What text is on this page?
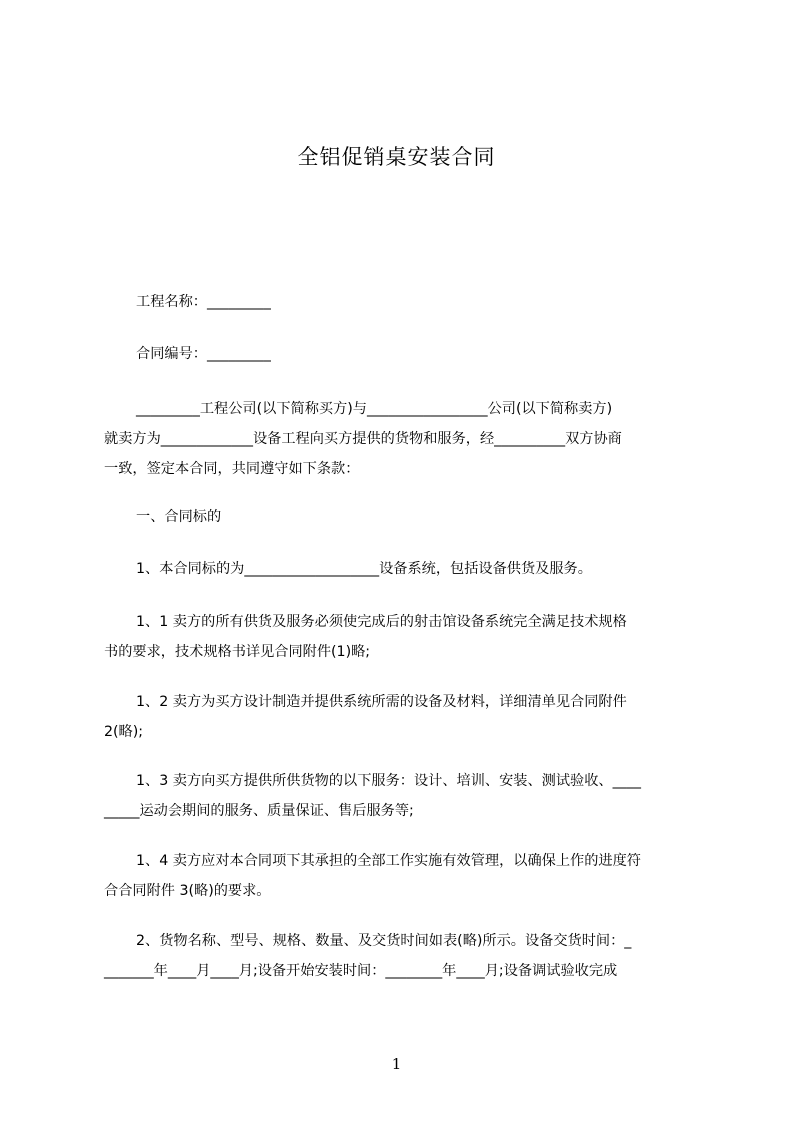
全铝促销桌安装合同
工程名称：_________
合同编号：_________
_________工程公司(以下简称买方)与_________________公司(以下简称卖方)
就卖方为_____________设备工程向买方提供的货物和服务，经__________双方协商
一致，签定本合同，共同遵守如下条款：
一、合同标的
1、本合同标的为___________________设备系统，包括设备供货及服务。
1、1 卖方的所有供货及服务必须使完成后的射击馆设备系统完全满足技术规格
书的要求，技术规格书详见合同附件(1)略;
1、2 卖方为买方设计制造并提供系统所需的设备及材料，详细清单见合同附件
2(略);
1、3 卖方向买方提供所供货物的以下服务：设计、培训、安装、测试验收、____
_____运动会期间的服务、质量保证、售后服务等;
1、4 卖方应对本合同项下其承担的全部工作实施有效管理，以确保上作的进度符
合合同附件 3(略)的要求。
2、货物名称、型号、规格、数量、及交货时间如表(略)所示。设备交货时间：_
_______年____月____月;设备开始安装时间：________年____月;设备调试验收完成
1
